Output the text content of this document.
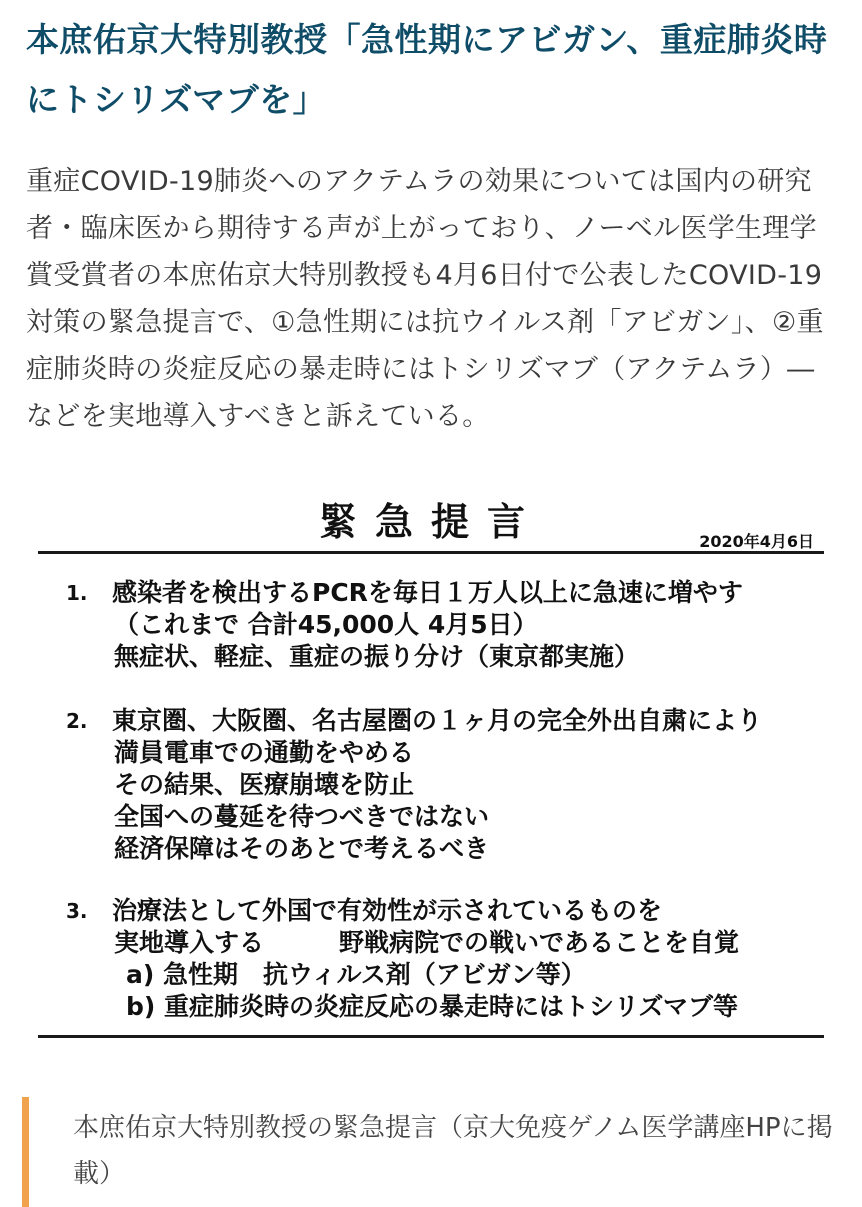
本庶佑京大特別教授「急性期にアビガン、重症肺炎時にトシリズマブを」

重症COVID-19肺炎へのアクテムラの効果については国内の研究者・臨床医から期待する声が上がっており、ノーベル医学生理学賞受賞者の本庶佑京大特別教授も4月6日付で公表したCOVID-19対策の緊急提言で、①急性期には抗ウイルス剤「アビガン」、②重症肺炎時の炎症反応の暴走時にはトシリズマブ（アクテムラ）―などを実地導入すべきと訴えている。

緊急提言	2020年4月6日
1. 感染者を検出するPCRを毎日１万人以上に急速に増やす
（これまで 合計45,000人 4月5日）
無症状、軽症、重症の振り分け（東京都実施）
2. 東京圏、大阪圏、名古屋圏の１ヶ月の完全外出自粛により
満員電車での通勤をやめる
その結果、医療崩壊を防止
全国への蔓延を待つべきではない
経済保障はそのあとで考えるべき
3. 治療法として外国で有効性が示されているものを
実地導入する　　　野戦病院での戦いであることを自覚
a) 急性期　抗ウィルス剤（アビガン等）
b) 重症肺炎時の炎症反応の暴走時にはトシリズマブ等

本庶佑京大特別教授の緊急提言（京大免疫ゲノム医学講座HPに掲載）
